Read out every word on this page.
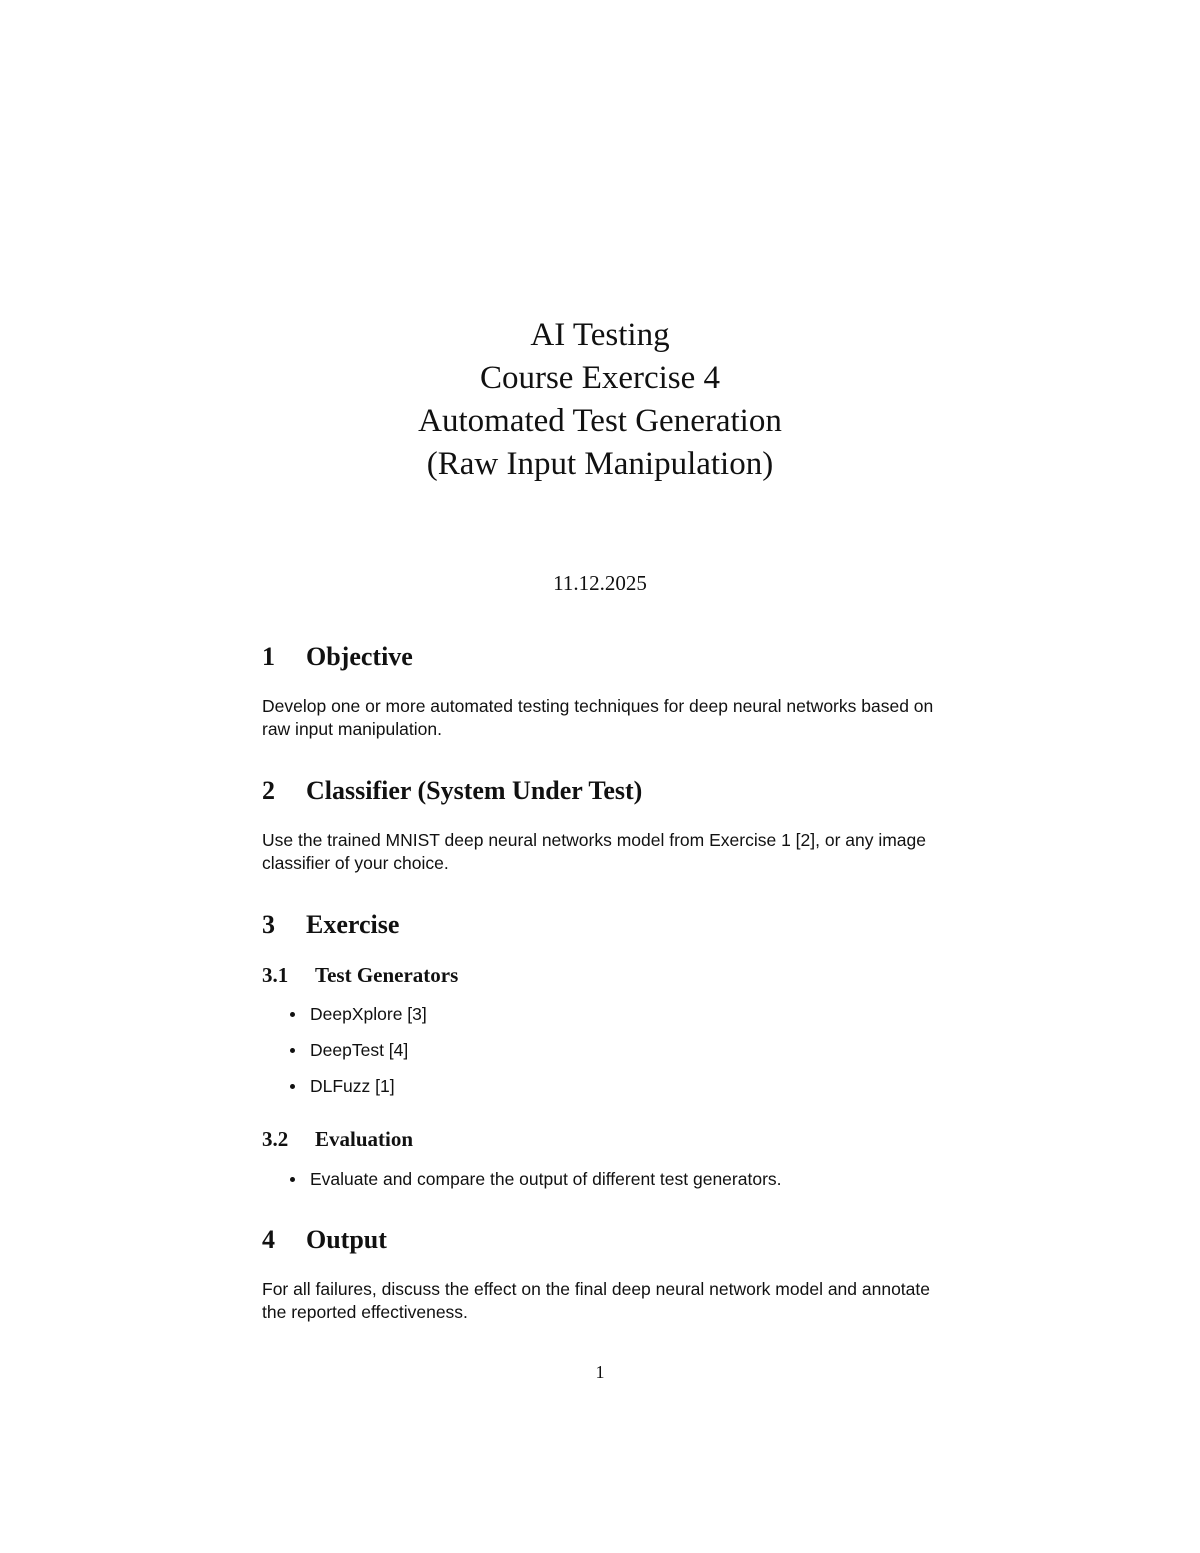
AI Testing
Course Exercise 4
Automated Test Generation
(Raw Input Manipulation)
11.12.2025
1 Objective
Develop one or more automated testing techniques for deep neural networks based on raw input manipulation.
2 Classifier (System Under Test)
Use the trained MNIST deep neural networks model from Exercise 1 [2], or any image classifier of your choice.
3 Exercise
3.1 Test Generators
DeepXplore [3]
DeepTest [4]
DLFuzz [1]
3.2 Evaluation
Evaluate and compare the output of different test generators.
4 Output
For all failures, discuss the effect on the final deep neural network model and annotate the reported effectiveness.
1
